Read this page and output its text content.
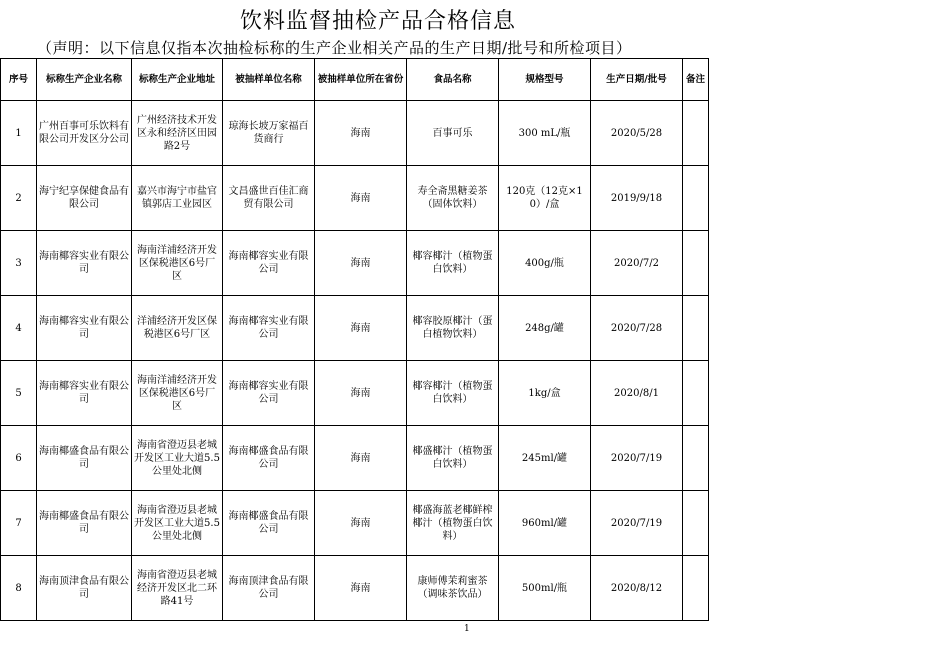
饮料监督抽检产品合格信息
（声明：以下信息仅指本次抽检标称的生产企业相关产品的生产日期/批号和所检项目）
序号	标称生产企业名称	标称生产企业地址	被抽样单位名称	被抽样单位所在省份	食品名称	规格型号	生产日期/批号	备注
1	广州百事可乐饮料有限公司开发区分公司	广州经济技术开发区永和经济区田园路2号	琼海长坡万家福百货商行	海南	百事可乐	300 mL/瓶	2020/5/28	
2	海宁纪享保健食品有限公司	嘉兴市海宁市盐官镇郭店工业园区	文昌盛世百佳汇商贸有限公司	海南	寿全斋黑糖姜茶（固体饮料）	120克（12克×10）/盒	2019/9/18	
3	海南椰容实业有限公司	海南洋浦经济开发区保税港区6号厂区	海南椰容实业有限公司	海南	椰容椰汁（植物蛋白饮料）	400g/瓶	2020/7/2	
4	海南椰容实业有限公司	洋浦经济开发区保税港区6号厂区	海南椰容实业有限公司	海南	椰容胶原椰汁（蛋白植物饮料）	248g/罐	2020/7/28	
5	海南椰容实业有限公司	海南洋浦经济开发区保税港区6号厂区	海南椰容实业有限公司	海南	椰容椰汁（植物蛋白饮料）	1kg/盒	2020/8/1	
6	海南椰盛食品有限公司	海南省澄迈县老城开发区工业大道5.5公里处北侧	海南椰盛食品有限公司	海南	椰盛椰汁（植物蛋白饮料）	245ml/罐	2020/7/19	
7	海南椰盛食品有限公司	海南省澄迈县老城开发区工业大道5.5公里处北侧	海南椰盛食品有限公司	海南	椰盛海蓝老椰鲜榨椰汁（植物蛋白饮料）	960ml/罐	2020/7/19	
8	海南顶津食品有限公司	海南省澄迈县老城经济开发区北二环路41号	海南顶津食品有限公司	海南	康师傅茉莉蜜茶（调味茶饮品）	500ml/瓶	2020/8/12	
1
